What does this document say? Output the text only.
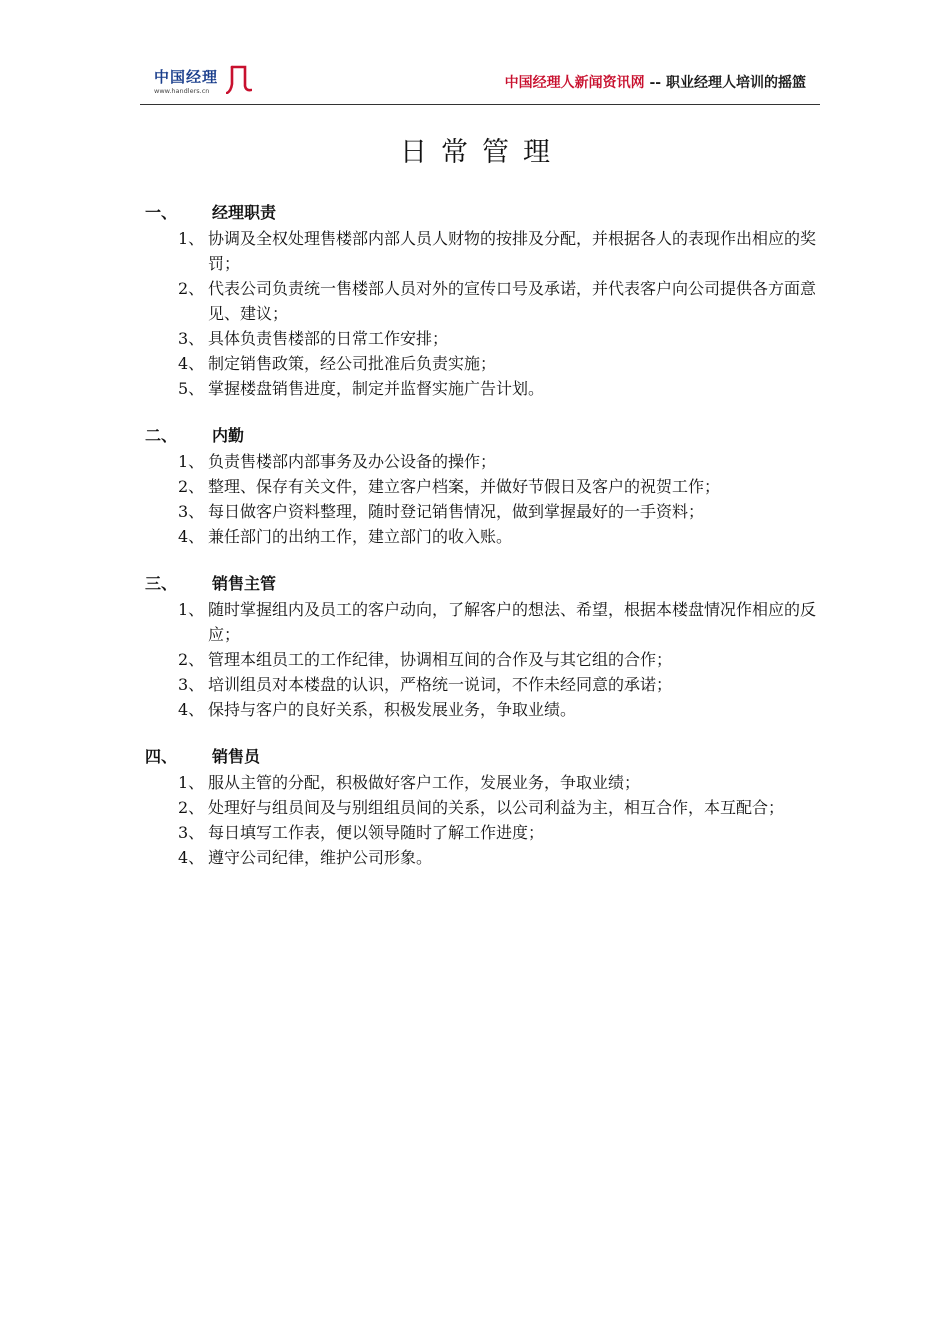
中国经理
www.handlers.cn	中国经理人新闻资讯网 -- 职业经理人培训的摇篮
日常管理
一、 经理职责
1、 协调及全权处理售楼部内部人员人财物的按排及分配，并根据各人的表现作出相应的奖罚；
2、 代表公司负责统一售楼部人员对外的宣传口号及承诺，并代表客户向公司提供各方面意见、建议；
3、 具体负责售楼部的日常工作安排；
4、 制定销售政策，经公司批准后负责实施；
5、 掌握楼盘销售进度，制定并监督实施广告计划。
二、 内勤
1、 负责售楼部内部事务及办公设备的操作；
2、 整理、保存有关文件，建立客户档案，并做好节假日及客户的祝贺工作；
3、 每日做客户资料整理，随时登记销售情况，做到掌握最好的一手资料；
4、 兼任部门的出纳工作，建立部门的收入账。
三、 销售主管
1、 随时掌握组内及员工的客户动向，了解客户的想法、希望，根据本楼盘情况作相应的反应；
2、 管理本组员工的工作纪律，协调相互间的合作及与其它组的合作；
3、 培训组员对本楼盘的认识，严格统一说词，不作未经同意的承诺；
4、 保持与客户的良好关系，积极发展业务，争取业绩。
四、 销售员
1、 服从主管的分配，积极做好客户工作，发展业务，争取业绩；
2、 处理好与组员间及与别组组员间的关系，以公司利益为主，相互合作，本互配合；
3、 每日填写工作表，便以领导随时了解工作进度；
4、 遵守公司纪律，维护公司形象。
